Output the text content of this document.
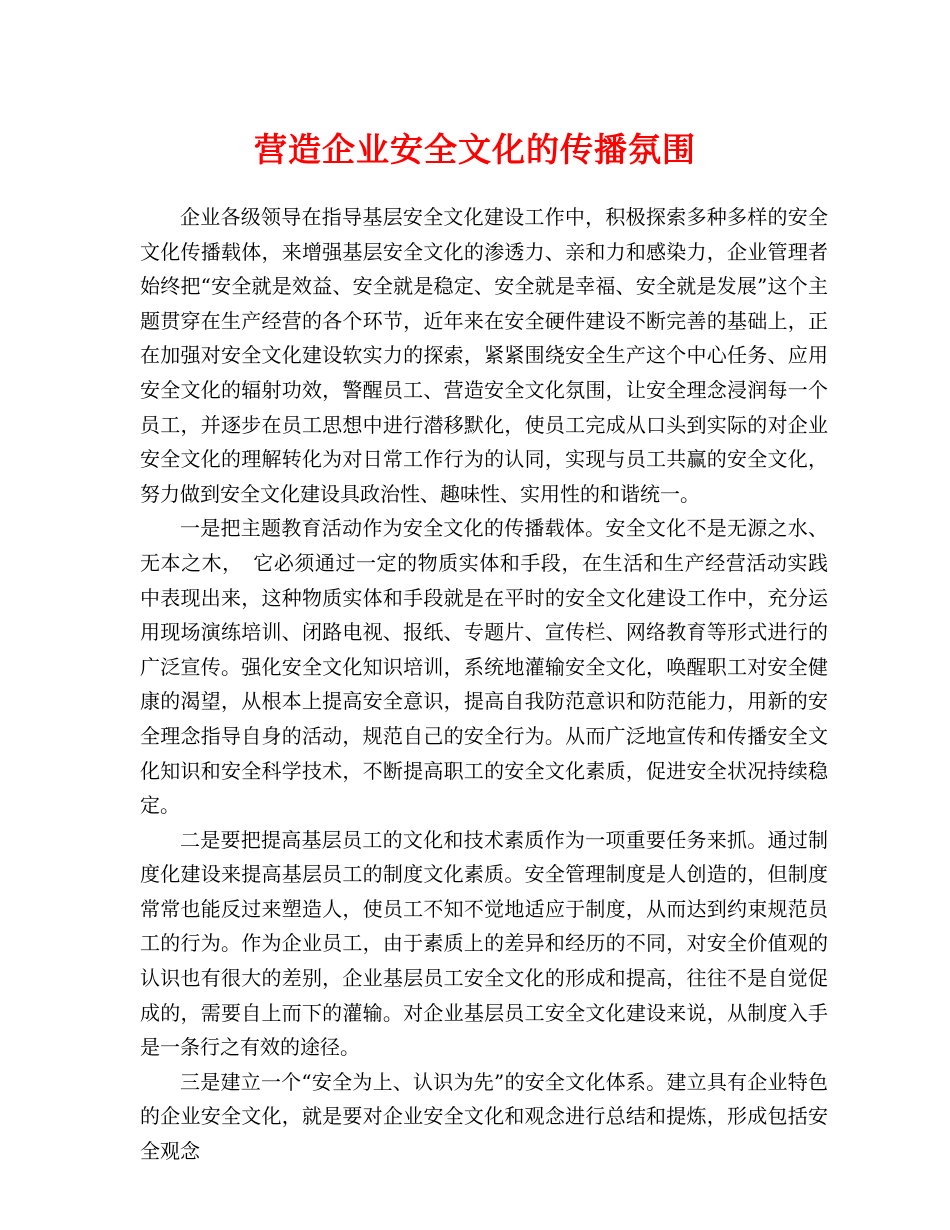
营造企业安全文化的传播氛围

企业各级领导在指导基层安全文化建设工作中，积极探索多种多样的安全文化传播载体，来增强基层安全文化的渗透力、亲和力和感染力，企业管理者始终把“安全就是效益、安全就是稳定、安全就是幸福、安全就是发展”这个主题贯穿在生产经营的各个环节，近年来在安全硬件建设不断完善的基础上，正在加强对安全文化建设软实力的探索，紧紧围绕安全生产这个中心任务、应用安全文化的辐射功效，警醒员工、营造安全文化氛围，让安全理念浸润每一个员工，并逐步在员工思想中进行潜移默化，使员工完成从口头到实际的对企业安全文化的理解转化为对日常工作行为的认同，实现与员工共赢的安全文化，努力做到安全文化建设具政治性、趣味性、实用性的和谐统一。

一是把主题教育活动作为安全文化的传播载体。安全文化不是无源之水、无本之木，　它必须通过一定的物质实体和手段，在生活和生产经营活动实践中表现出来，这种物质实体和手段就是在平时的安全文化建设工作中，充分运用现场演练培训、闭路电视、报纸、专题片、宣传栏、网络教育等形式进行的广泛宣传。强化安全文化知识培训，系统地灌输安全文化，唤醒职工对安全健康的渴望，从根本上提高安全意识，提高自我防范意识和防范能力，用新的安全理念指导自身的活动，规范自己的安全行为。从而广泛地宣传和传播安全文化知识和安全科学技术，不断提高职工的安全文化素质，促进安全状况持续稳定。

二是要把提高基层员工的文化和技术素质作为一项重要任务来抓。通过制度化建设来提高基层员工的制度文化素质。安全管理制度是人创造的，但制度常常也能反过来塑造人，使员工不知不觉地适应于制度，从而达到约束规范员工的行为。作为企业员工，由于素质上的差异和经历的不同，对安全价值观的认识也有很大的差别，企业基层员工安全文化的形成和提高，往往不是自觉促成的，需要自上而下的灌输。对企业基层员工安全文化建设来说，从制度入手是一条行之有效的途径。

三是建立一个“安全为上、认识为先”的安全文化体系。建立具有企业特色的企业安全文化，就是要对企业安全文化和观念进行总结和提炼，形成包括安全观念
